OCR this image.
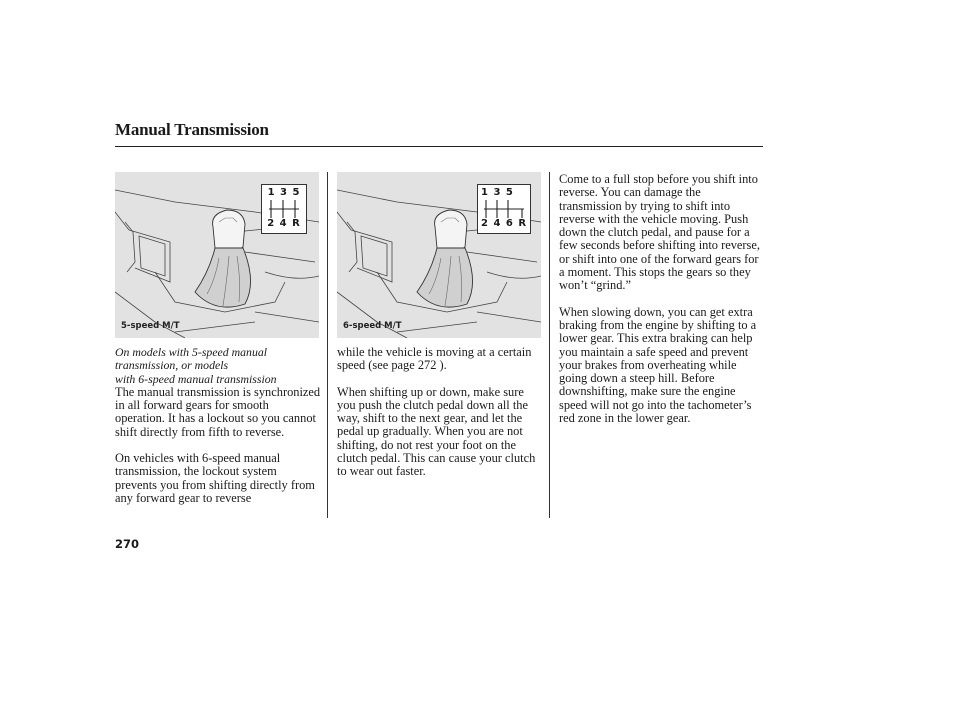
Manual Transmission
1 3 5
2 4 R
5-speed M/T
1 3 5
2 4 6 R
6-speed M/T
On models with 5-speed manual
transmission, or models
with 6-speed manual transmission

The manual transmission is synchronized in all forward gears for smooth operation. It has a lockout so you cannot shift directly from fifth to reverse.

On vehicles with 6-speed manual transmission, the lockout system prevents you from shifting directly from any forward gear to reverse

while the vehicle is moving at a certain speed (see page 272 ).

When shifting up or down, make sure you push the clutch pedal down all the way, shift to the next gear, and let the pedal up gradually. When you are not shifting, do not rest your foot on the clutch pedal. This can cause your clutch to wear out faster.

Come to a full stop before you shift into reverse. You can damage the transmission by trying to shift into reverse with the vehicle moving. Push down the clutch pedal, and pause for a few seconds before shifting into reverse, or shift into one of the forward gears for a moment. This stops the gears so they won’t “grind.”

When slowing down, you can get extra braking from the engine by shifting to a lower gear. This extra braking can help you maintain a safe speed and prevent your brakes from overheating while going down a steep hill. Before downshifting, make sure the engine speed will not go into the tachometer’s red zone in the lower gear.

270
